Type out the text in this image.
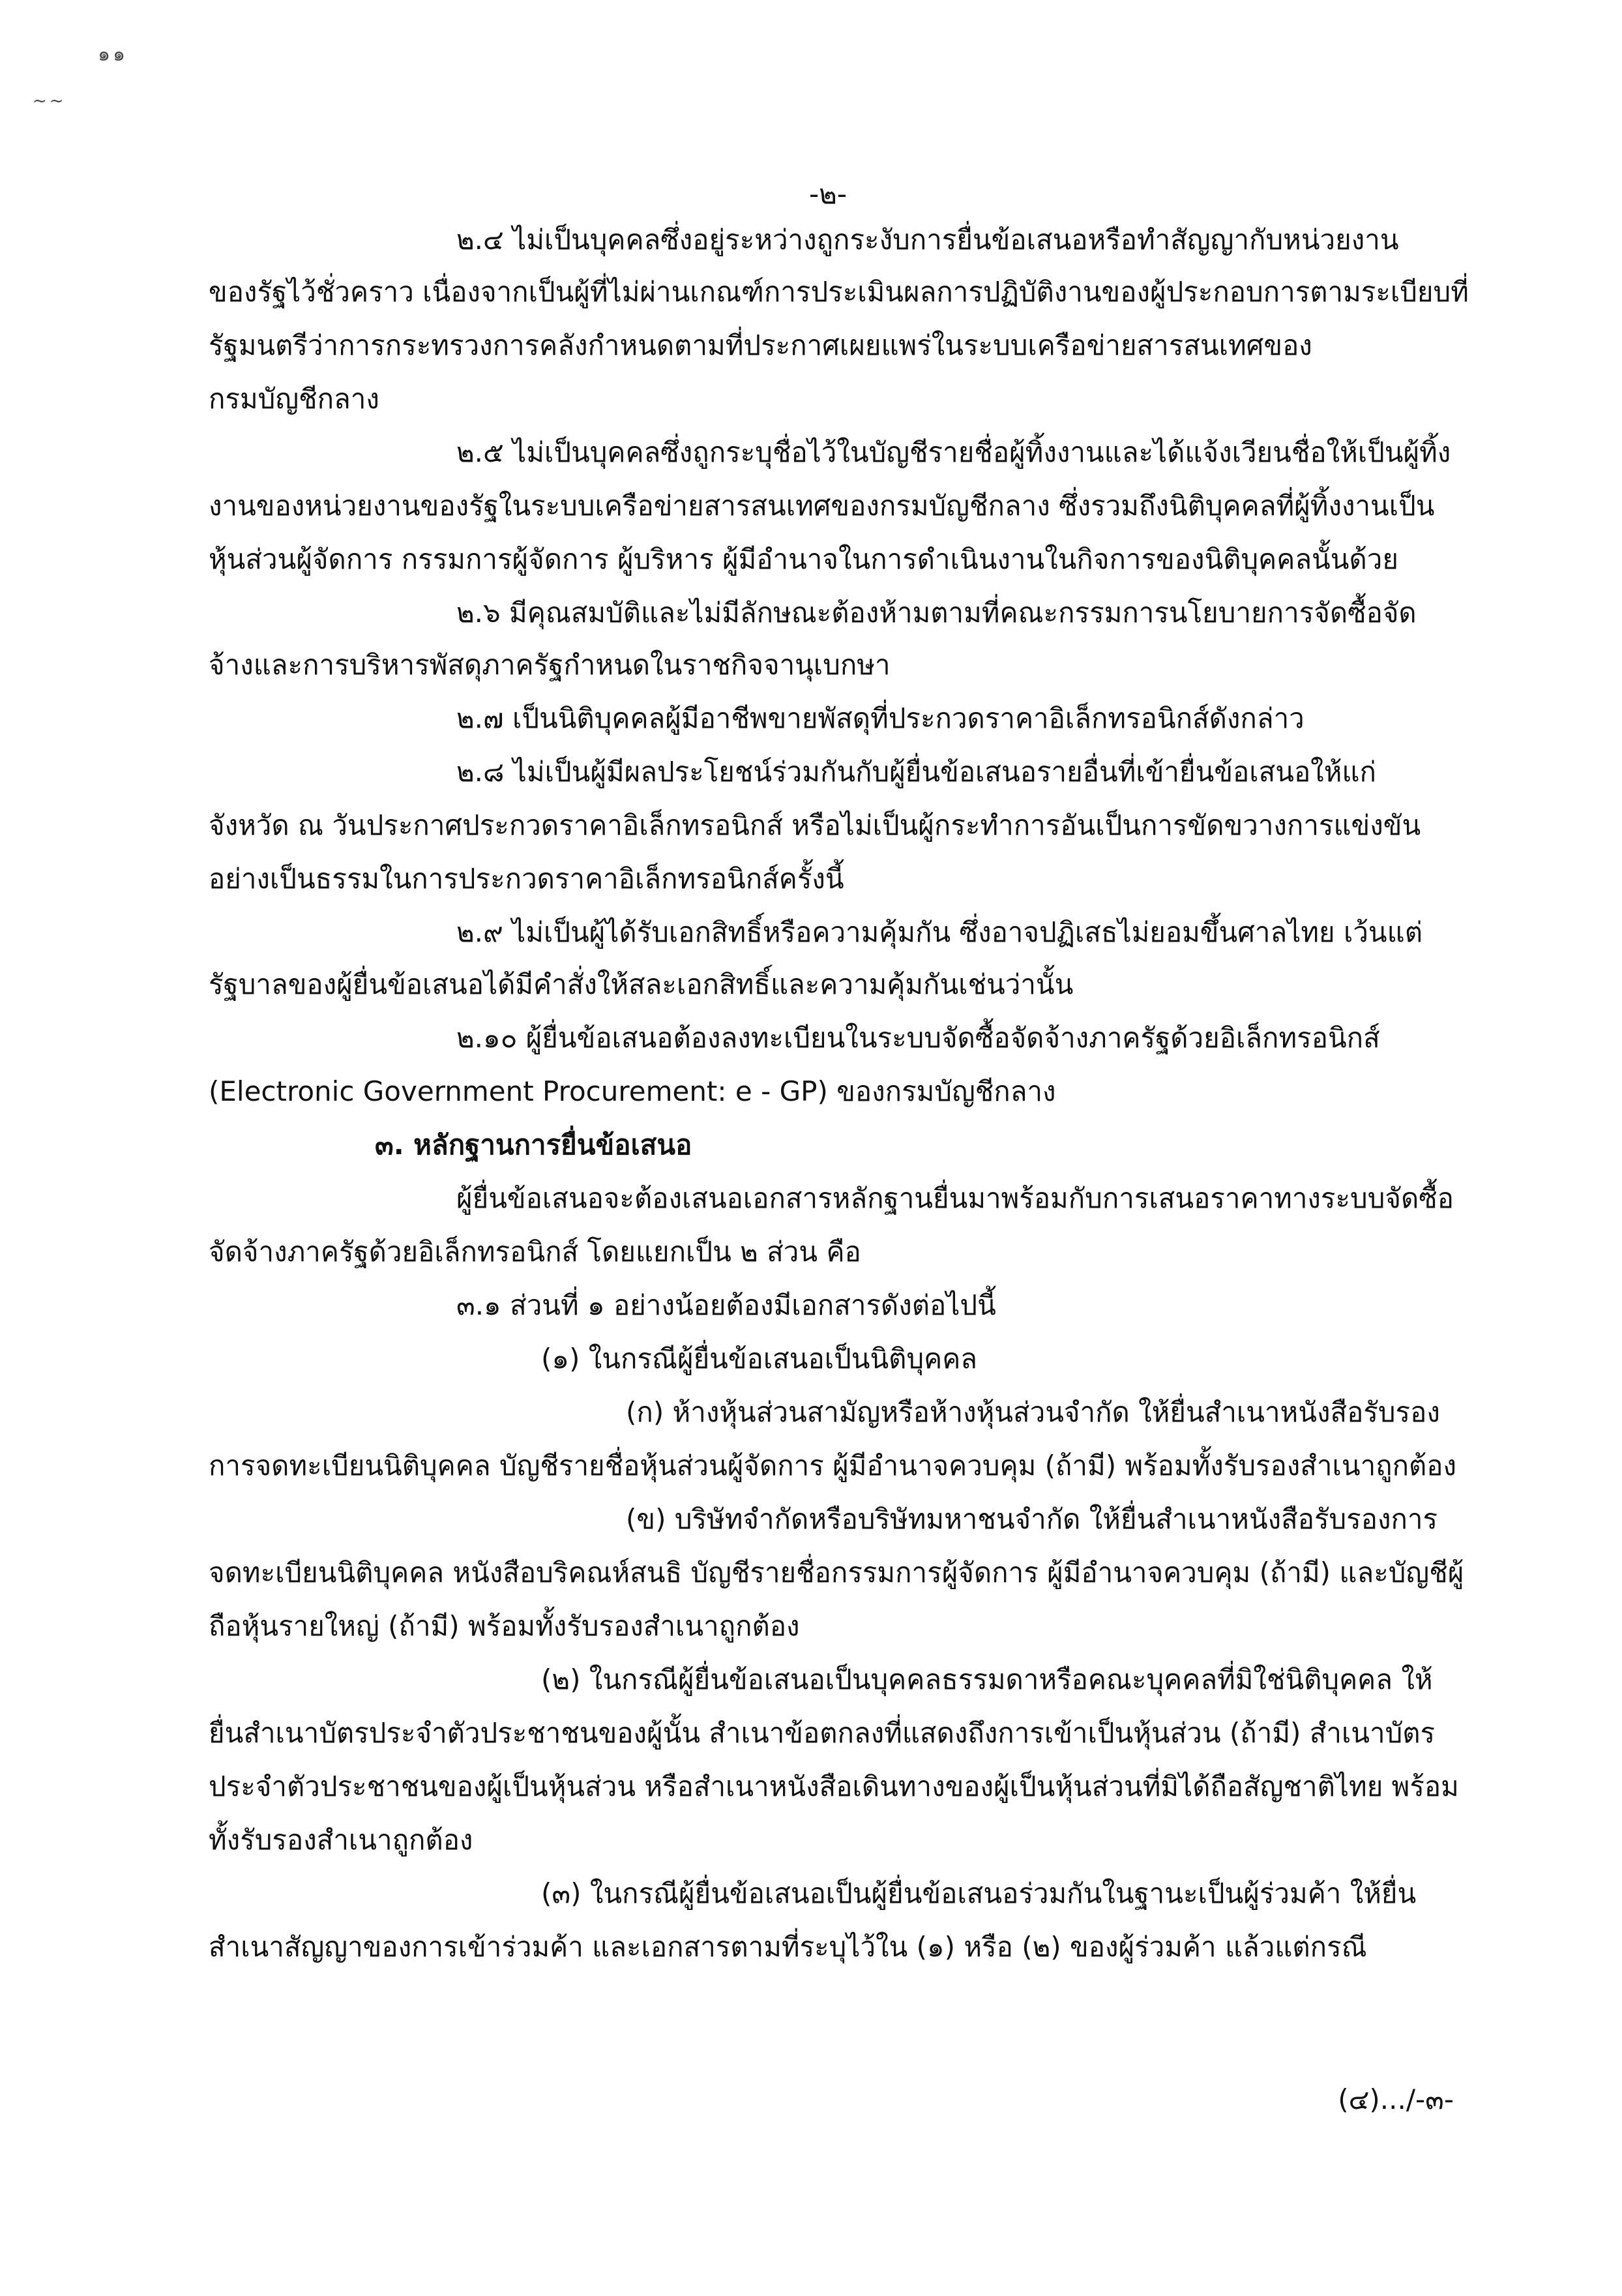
๑๑
~~
-๒-
๒.๔ ไม่เป็นบุคคลซึ่งอยู่ระหว่างถูกระงับการยื่นข้อเสนอหรือทำสัญญากับหน่วยงาน
ของรัฐไว้ชั่วคราว เนื่องจากเป็นผู้ที่ไม่ผ่านเกณฑ์การประเมินผลการปฏิบัติงานของผู้ประกอบการตามระเบียบที่
รัฐมนตรีว่าการกระทรวงการคลังกำหนดตามที่ประกาศเผยแพร่ในระบบเครือข่ายสารสนเทศของ
กรมบัญชีกลาง
๒.๕ ไม่เป็นบุคคลซึ่งถูกระบุชื่อไว้ในบัญชีรายชื่อผู้ทิ้งงานและได้แจ้งเวียนชื่อให้เป็นผู้ทิ้ง
งานของหน่วยงานของรัฐในระบบเครือข่ายสารสนเทศของกรมบัญชีกลาง ซึ่งรวมถึงนิติบุคคลที่ผู้ทิ้งงานเป็น
หุ้นส่วนผู้จัดการ กรรมการผู้จัดการ ผู้บริหาร ผู้มีอำนาจในการดำเนินงานในกิจการของนิติบุคคลนั้นด้วย
๒.๖ มีคุณสมบัติและไม่มีลักษณะต้องห้ามตามที่คณะกรรมการนโยบายการจัดซื้อจัด
จ้างและการบริหารพัสดุภาครัฐกำหนดในราชกิจจานุเบกษา
๒.๗ เป็นนิติบุคคลผู้มีอาชีพขายพัสดุที่ประกวดราคาอิเล็กทรอนิกส์ดังกล่าว
๒.๘ ไม่เป็นผู้มีผลประโยชน์ร่วมกันกับผู้ยื่นข้อเสนอรายอื่นที่เข้ายื่นข้อเสนอให้แก่
จังหวัด ณ วันประกาศประกวดราคาอิเล็กทรอนิกส์ หรือไม่เป็นผู้กระทำการอันเป็นการขัดขวางการแข่งขัน
อย่างเป็นธรรมในการประกวดราคาอิเล็กทรอนิกส์ครั้งนี้
๒.๙ ไม่เป็นผู้ได้รับเอกสิทธิ์หรือความคุ้มกัน ซึ่งอาจปฏิเสธไม่ยอมขึ้นศาลไทย เว้นแต่
รัฐบาลของผู้ยื่นข้อเสนอได้มีคำสั่งให้สละเอกสิทธิ์และความคุ้มกันเช่นว่านั้น
๒.๑๐ ผู้ยื่นข้อเสนอต้องลงทะเบียนในระบบจัดซื้อจัดจ้างภาครัฐด้วยอิเล็กทรอนิกส์
(Electronic Government Procurement: e - GP) ของกรมบัญชีกลาง
๓. หลักฐานการยื่นข้อเสนอ
ผู้ยื่นข้อเสนอจะต้องเสนอเอกสารหลักฐานยื่นมาพร้อมกับการเสนอราคาทางระบบจัดซื้อ
จัดจ้างภาครัฐด้วยอิเล็กทรอนิกส์ โดยแยกเป็น ๒ ส่วน คือ
๓.๑ ส่วนที่ ๑ อย่างน้อยต้องมีเอกสารดังต่อไปนี้
(๑) ในกรณีผู้ยื่นข้อเสนอเป็นนิติบุคคล
(ก) ห้างหุ้นส่วนสามัญหรือห้างหุ้นส่วนจำกัด ให้ยื่นสำเนาหนังสือรับรอง
การจดทะเบียนนิติบุคคล บัญชีรายชื่อหุ้นส่วนผู้จัดการ ผู้มีอำนาจควบคุม (ถ้ามี) พร้อมทั้งรับรองสำเนาถูกต้อง
(ข) บริษัทจำกัดหรือบริษัทมหาชนจำกัด ให้ยื่นสำเนาหนังสือรับรองการ
จดทะเบียนนิติบุคคล หนังสือบริคณห์สนธิ บัญชีรายชื่อกรรมการผู้จัดการ ผู้มีอำนาจควบคุม (ถ้ามี) และบัญชีผู้
ถือหุ้นรายใหญ่ (ถ้ามี) พร้อมทั้งรับรองสำเนาถูกต้อง
(๒) ในกรณีผู้ยื่นข้อเสนอเป็นบุคคลธรรมดาหรือคณะบุคคลที่มิใช่นิติบุคคล ให้
ยื่นสำเนาบัตรประจำตัวประชาชนของผู้นั้น สำเนาข้อตกลงที่แสดงถึงการเข้าเป็นหุ้นส่วน (ถ้ามี) สำเนาบัตร
ประจำตัวประชาชนของผู้เป็นหุ้นส่วน หรือสำเนาหนังสือเดินทางของผู้เป็นหุ้นส่วนที่มิได้ถือสัญชาติไทย พร้อม
ทั้งรับรองสำเนาถูกต้อง
(๓) ในกรณีผู้ยื่นข้อเสนอเป็นผู้ยื่นข้อเสนอร่วมกันในฐานะเป็นผู้ร่วมค้า ให้ยื่น
สำเนาสัญญาของการเข้าร่วมค้า และเอกสารตามที่ระบุไว้ใน (๑) หรือ (๒) ของผู้ร่วมค้า แล้วแต่กรณี
(๔).../-๓-
